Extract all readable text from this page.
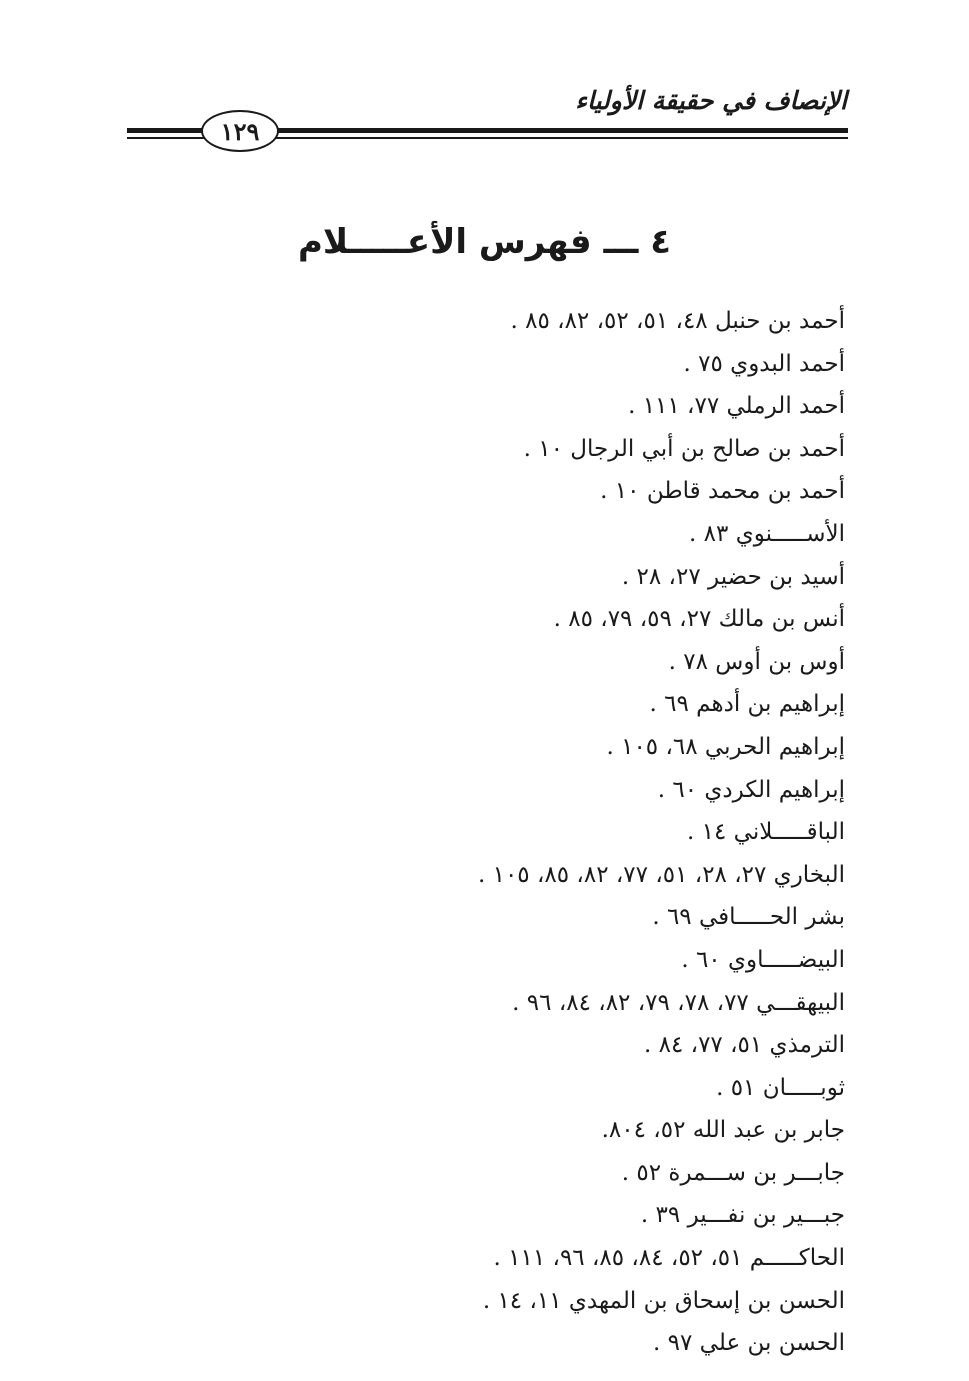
الإنصاف في حقيقة الأولياء
١٢٩
٤ ـــ فهرس الأعـــــلام
أحمد بن حنبل ٤٨، ٥١، ٥٢، ٨٢، ٨٥ .
أحمد البدوي ٧٥ .
أحمد الرملي ٧٧، ١١١ .
أحمد بن صالح بن أبي الرجال ١٠ .
أحمد بن محمد قاطن ١٠ .
الأســـــنوي ٨٣ .
أسيد بن حضير ٢٧، ٢٨ .
أنس بن مالك ٢٧، ٥٩، ٧٩، ٨٥ .
أوس بن أوس ٧٨ .
إبراهيم بن أدهم ٦٩ .
إبراهيم الحربي ٦٨، ١٠٥ .
إبراهيم الكردي ٦٠ .
الباقـــــلاني ١٤ .
البخاري ٢٧، ٢٨، ٥١، ٧٧، ٨٢، ٨٥، ١٠٥ .
بشر الحـــــافي ٦٩ .
البيضـــــاوي ٦٠ .
البيهقـــي ٧٧، ٧٨، ٧٩، ٨٢، ٨٤، ٩٦ .
الترمذي ٥١، ٧٧، ٨٤ .
ثوبـــــان ٥١ .
جابر بن عبد الله ٥٢، ٨٠٤.
جابـــر بن ســـمرة ٥٢ .
جبـــير بن نفـــير ٣٩ .
الحاكـــــم ٥١، ٥٢، ٨٤، ٨٥، ٩٦، ١١١ .
الحسن بن إسحاق بن المهدي ١١، ١٤ .
الحسن بن علي ٩٧ .
